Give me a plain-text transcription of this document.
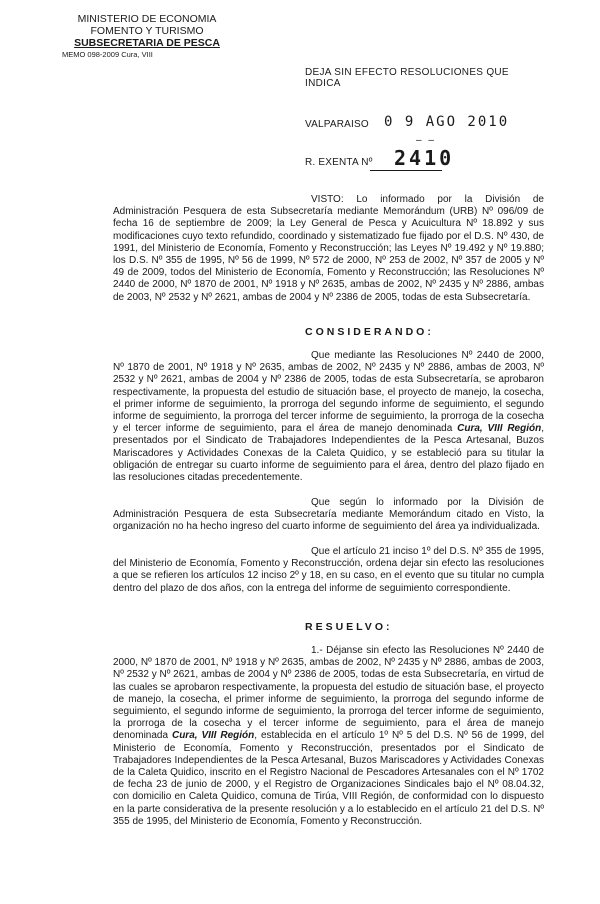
MINISTERIO DE ECONOMIA
FOMENTO Y TURISMO
SUBSECRETARIA DE PESCA
MEMO 098-2009 Cura, VIII
DEJA SIN EFECTO RESOLUCIONES QUE INDICA
VALPARAISO 0 9 AGO 2010
– –
R. EXENTA Nº 2410
VISTO: Lo informado por la División de Administración Pesquera de esta Subsecretaría mediante Memorándum (URB) Nº 096/09 de fecha 16 de septiembre de 2009; la Ley General de Pesca y Acuicultura Nº 18.892 y sus modificaciones cuyo texto refundido, coordinado y sistematizado fue fijado por el D.S. Nº 430, de 1991, del Ministerio de Economía, Fomento y Reconstrucción; las Leyes Nº 19.492 y Nº 19.880; los D.S. Nº 355 de 1995, Nº 56 de 1999, Nº 572 de 2000, Nº 253 de 2002, Nº 357 de 2005 y Nº 49 de 2009, todos del Ministerio de Economía, Fomento y Reconstrucción; las Resoluciones Nº 2440 de 2000, Nº 1870 de 2001, Nº 1918 y Nº 2635, ambas de 2002, Nº 2435 y Nº 2886, ambas de 2003, Nº 2532 y Nº 2621, ambas de 2004 y Nº 2386 de 2005, todas de esta Subsecretaría.
CONSIDERANDO:
Que mediante las Resoluciones Nº 2440 de 2000, Nº 1870 de 2001, Nº 1918 y Nº 2635, ambas de 2002, Nº 2435 y Nº 2886, ambas de 2003, Nº 2532 y Nº 2621, ambas de 2004 y Nº 2386 de 2005, todas de esta Subsecretaría, se aprobaron respectivamente, la propuesta del estudio de situación base, el proyecto de manejo, la cosecha, el primer informe de seguimiento, la prorroga del segundo informe de seguimiento, el segundo informe de seguimiento, la prorroga del tercer informe de seguimiento, la prorroga de la cosecha y el tercer informe de seguimiento, para el área de manejo denominada Cura, VIII Región, presentados por el Sindicato de Trabajadores Independientes de la Pesca Artesanal, Buzos Mariscadores y Actividades Conexas de la Caleta Quidico, y se estableció para su titular la obligación de entregar su cuarto informe de seguimiento para el área, dentro del plazo fijado en las resoluciones citadas precedentemente.
Que según lo informado por la División de Administración Pesquera de esta Subsecretaría mediante Memorándum citado en Visto, la organización no ha hecho ingreso del cuarto informe de seguimiento del área ya individualizada.
Que el artículo 21 inciso 1º del D.S. Nº 355 de 1995, del Ministerio de Economía, Fomento y Reconstrucción, ordena dejar sin efecto las resoluciones a que se refieren los artículos 12 inciso 2º y 18, en su caso, en el evento que su titular no cumpla dentro del plazo de dos años, con la entrega del informe de seguimiento correspondiente.
RESUELVO:
1.- Déjanse sin efecto las Resoluciones Nº 2440 de 2000, Nº 1870 de 2001, Nº 1918 y Nº 2635, ambas de 2002, Nº 2435 y Nº 2886, ambas de 2003, Nº 2532 y Nº 2621, ambas de 2004 y Nº 2386 de 2005, todas de esta Subsecretaría, en virtud de las cuales se aprobaron respectivamente, la propuesta del estudio de situación base, el proyecto de manejo, la cosecha, el primer informe de seguimiento, la prorroga del segundo informe de seguimiento, el segundo informe de seguimiento, la prorroga del tercer informe de seguimiento, la prorroga de la cosecha y el tercer informe de seguimiento, para el área de manejo denominada Cura, VIII Región, establecida en el artículo 1º Nº 5 del D.S. Nº 56 de 1999, del Ministerio de Economía, Fomento y Reconstrucción, presentados por el Sindicato de Trabajadores Independientes de la Pesca Artesanal, Buzos Mariscadores y Actividades Conexas de la Caleta Quidico, inscrito en el Registro Nacional de Pescadores Artesanales con el Nº 1702 de fecha 23 de junio de 2000, y el Registro de Organizaciones Sindicales bajo el Nº 08.04.32, con domicilio en Caleta Quidico, comuna de Tirúa, VIII Región, de conformidad con lo dispuesto en la parte considerativa de la presente resolución y a lo establecido en el artículo 21 del D.S. Nº 355 de 1995, del Ministerio de Economía, Fomento y Reconstrucción.
